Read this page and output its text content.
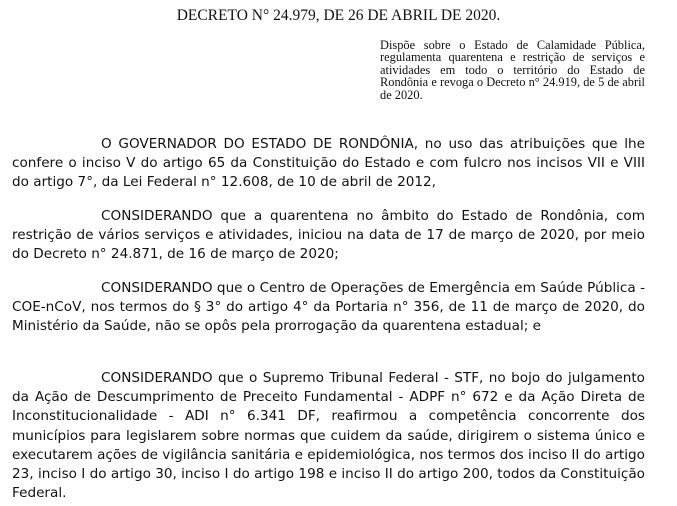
DECRETO N° 24.979, DE 26 DE ABRIL DE 2020.
Dispõe sobre o Estado de Calamidade Pública, regulamenta quarentena e restrição de serviços e atividades em todo o território do Estado de Rondônia e revoga o Decreto n° 24.919, de 5 de abril de 2020.

O GOVERNADOR DO ESTADO DE RONDÔNIA, no uso das atribuições que lhe confere o inciso V do artigo 65 da Constituição do Estado e com fulcro nos incisos VII e VIII do artigo 7°, da Lei Federal n° 12.608, de 10 de abril de 2012,

CONSIDERANDO que a quarentena no âmbito do Estado de Rondônia, com restrição de vários serviços e atividades, iniciou na data de 17 de março de 2020, por meio do Decreto n° 24.871, de 16 de março de 2020;

CONSIDERANDO que o Centro de Operações de Emergência em Saúde Pública - COE-nCoV, nos termos do § 3° do artigo 4° da Portaria n° 356, de 11 de março de 2020, do Ministério da Saúde, não se opôs pela prorrogação da quarentena estadual; e

CONSIDERANDO que o Supremo Tribunal Federal - STF, no bojo do julgamento da Ação de Descumprimento de Preceito Fundamental - ADPF n° 672 e da Ação Direta de Inconstitucionalidade - ADI n° 6.341 DF, reafirmou a competência concorrente dos municípios para legislarem sobre normas que cuidem da saúde, dirigirem o sistema único e executarem ações de vigilância sanitária e epidemiológica, nos termos dos inciso II do artigo 23, inciso I do artigo 30, inciso I do artigo 198 e inciso II do artigo 200, todos da Constituição Federal.
